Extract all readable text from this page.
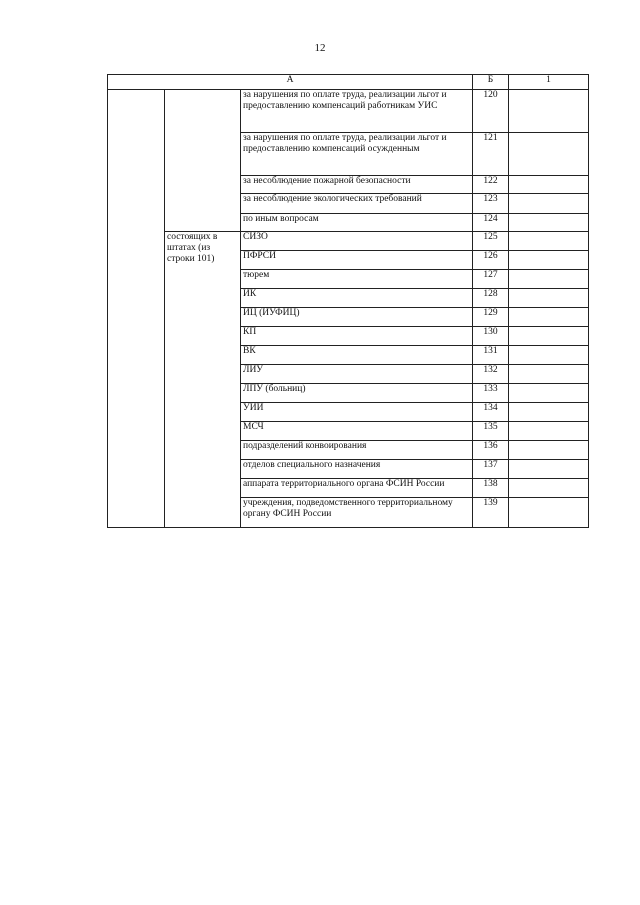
12
А			Б	1
		за нарушения по оплате труда, реализации льгот и предоставлению компенсаций работникам УИС	120	
		за нарушения по оплате труда, реализации льгот и предоставлению компенсаций осужденным	121	
		за несоблюдение пожарной безопасности	122	
		за несоблюдение экологических требований	123	
		по иным вопросам	124	
	состоящих в штатах (из строки 101)	СИЗО	125	
		ПФРСИ	126	
		тюрем	127	
		ИК	128	
		ИЦ (ИУФИЦ)	129	
		КП	130	
		ВК	131	
		ЛИУ	132	
		ЛПУ (больниц)	133	
		УИИ	134	
		МСЧ	135	
		подразделений конвоирования	136	
		отделов специального назначения	137	
		аппарата территориального органа ФСИН России	138	
		учреждения, подведомственного территориальному органу ФСИН России	139	
